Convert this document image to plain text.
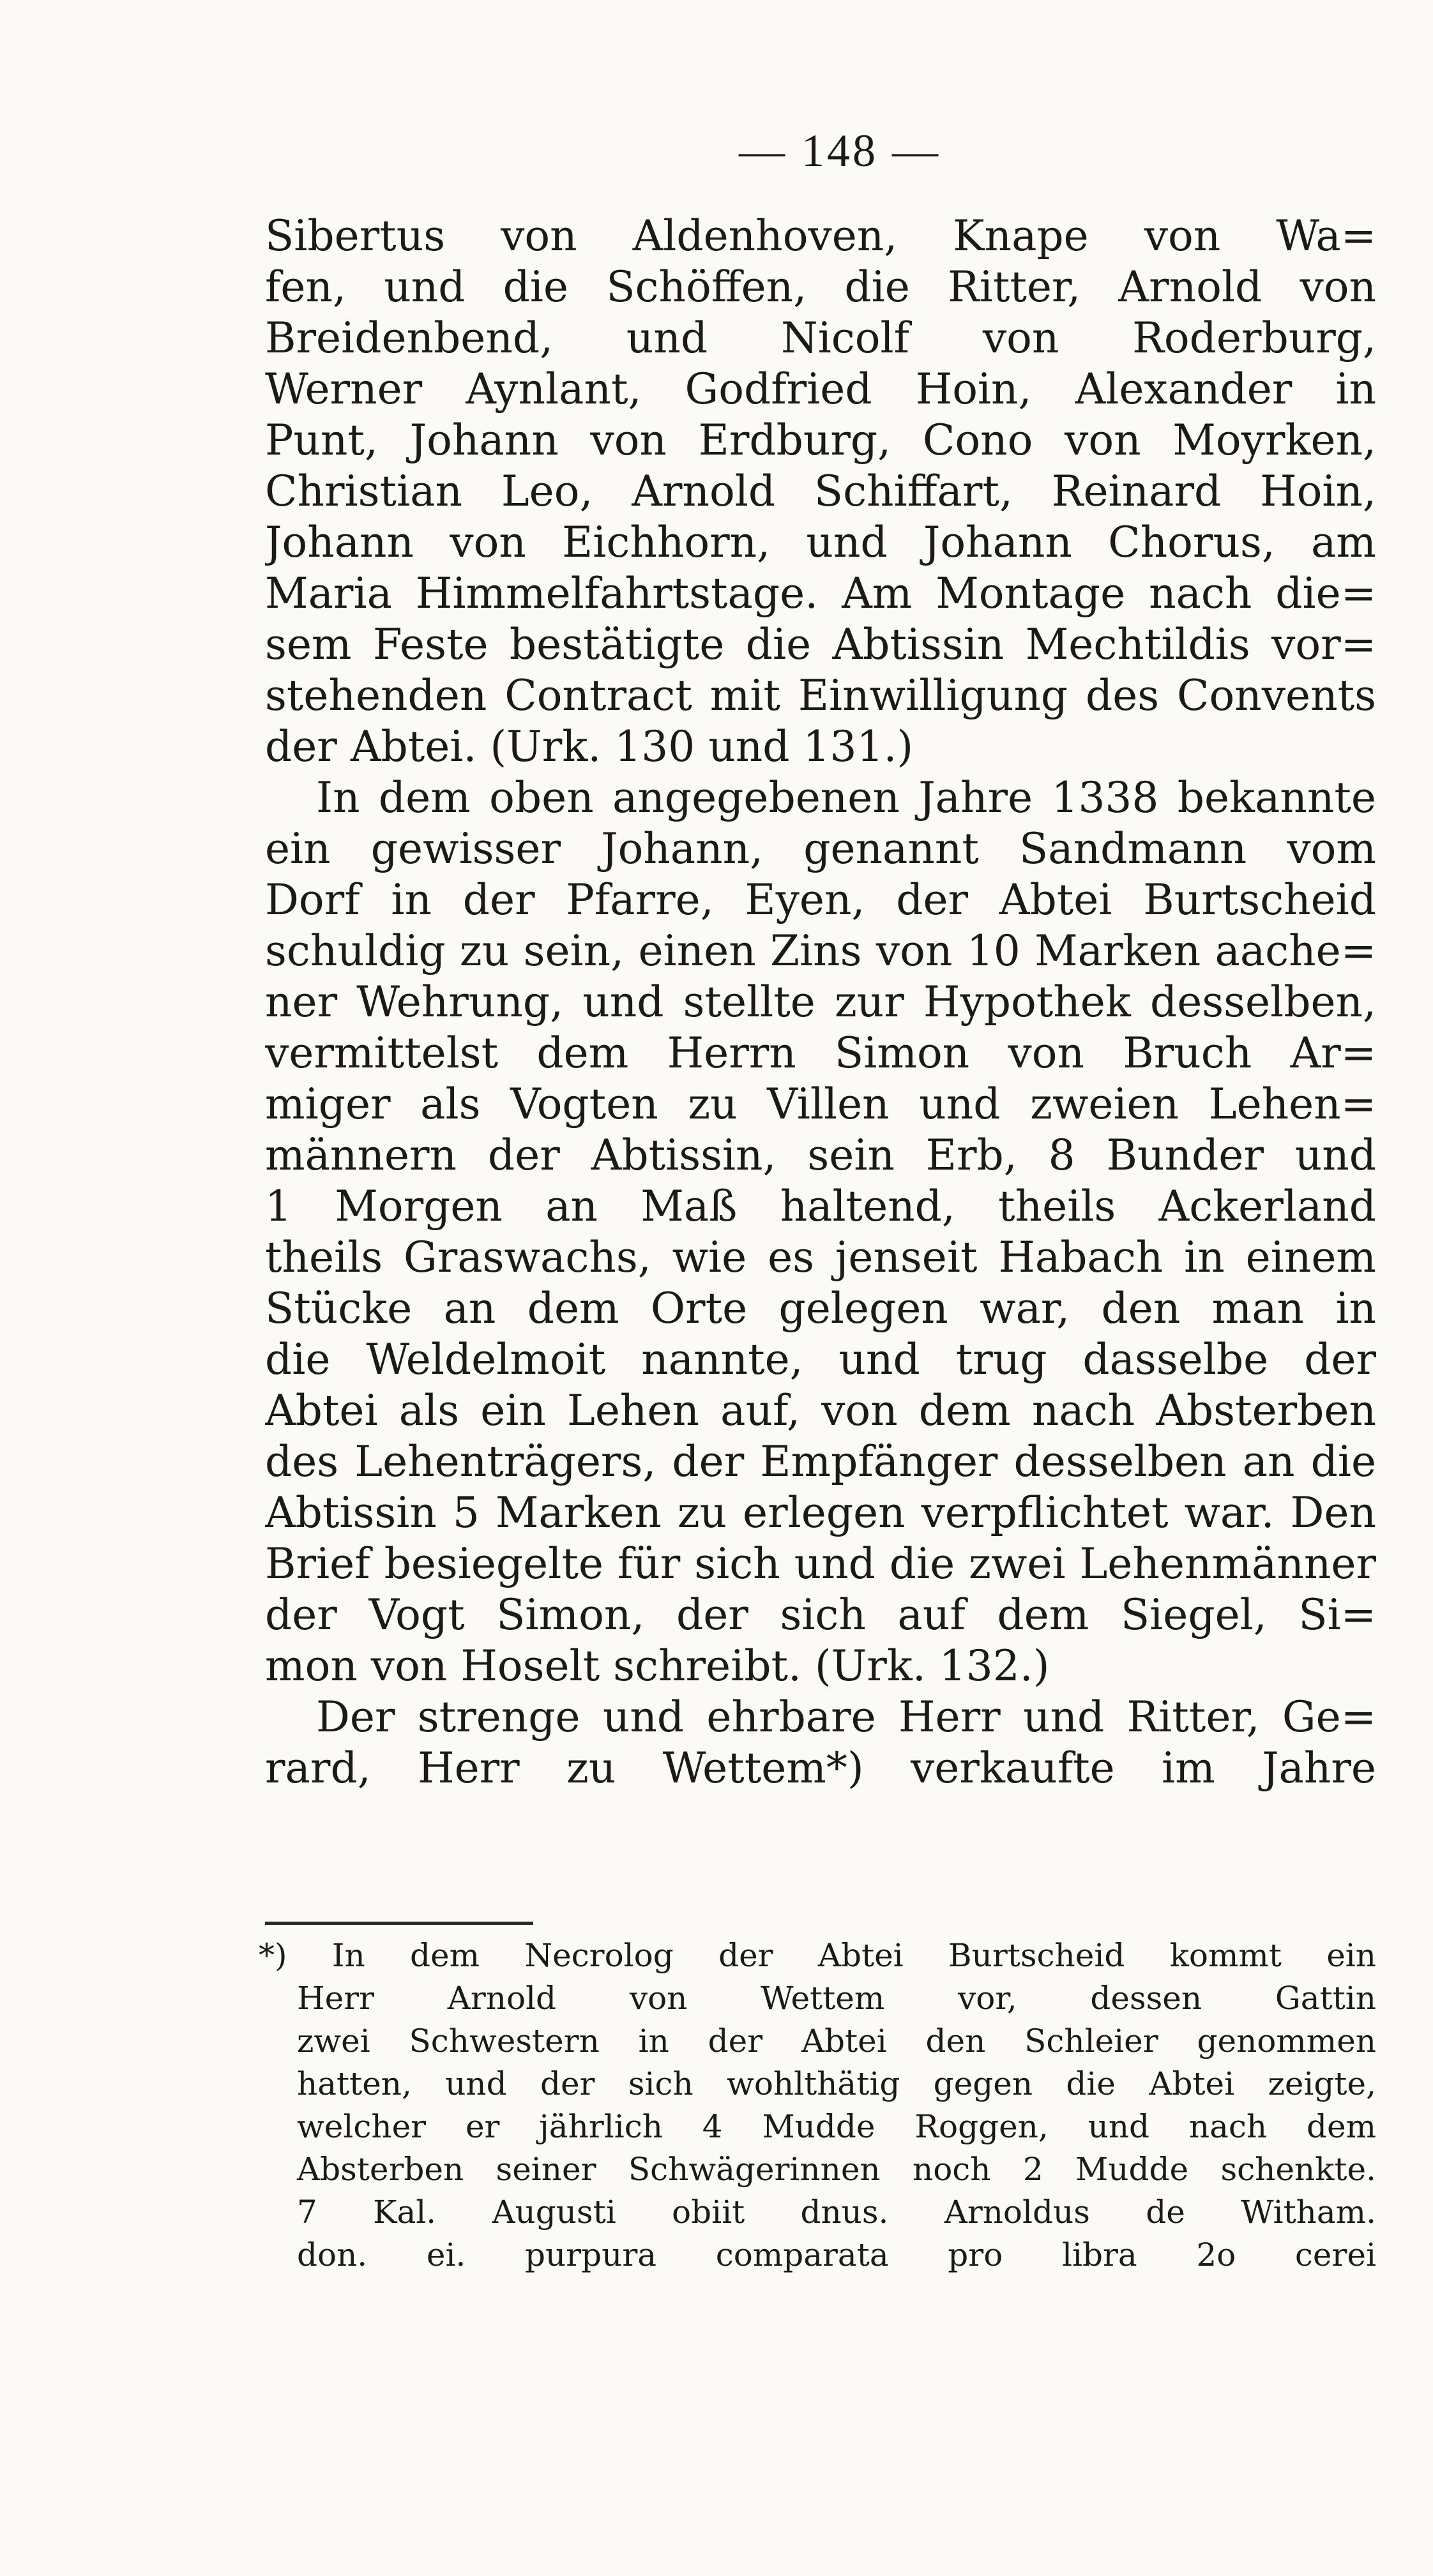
— 148 —
Sibertus von Aldenhoven, Knape von Wa=
fen, und die Schöffen, die Ritter, Arnold von
Breidenbend, und Nicolf von Roderburg,
Werner Aynlant, Godfried Hoin, Alexander in
Punt, Johann von Erdburg, Cono von Moyrken,
Christian Leo, Arnold Schiffart, Reinard Hoin,
Johann von Eichhorn, und Johann Chorus, am
Maria Himmelfahrtstage. Am Montage nach die=
sem Feste bestätigte die Abtissin Mechtildis vor=
stehenden Contract mit Einwilligung des Convents
der Abtei. (Urk. 130 und 131.)
In dem oben angegebenen Jahre 1338 bekannte
ein gewisser Johann, genannt Sandmann vom
Dorf in der Pfarre, Eyen, der Abtei Burtscheid
schuldig zu sein, einen Zins von 10 Marken aache=
ner Wehrung, und stellte zur Hypothek desselben,
vermittelst dem Herrn Simon von Bruch Ar=
miger als Vogten zu Villen und zweien Lehen=
männern der Abtissin, sein Erb, 8 Bunder und
1 Morgen an Maß haltend, theils Ackerland
theils Graswachs, wie es jenseit Habach in einem
Stücke an dem Orte gelegen war, den man in
die Weldelmoit nannte, und trug dasselbe der
Abtei als ein Lehen auf, von dem nach Absterben
des Lehenträgers, der Empfänger desselben an die
Abtissin 5 Marken zu erlegen verpflichtet war. Den
Brief besiegelte für sich und die zwei Lehenmänner
der Vogt Simon, der sich auf dem Siegel, Si=
mon von Hoselt schreibt. (Urk. 132.)
Der strenge und ehrbare Herr und Ritter, Ge=
rard, Herr zu Wettem*) verkaufte im Jahre
*) In dem Necrolog der Abtei Burtscheid kommt ein
Herr Arnold von Wettem vor, dessen Gattin
zwei Schwestern in der Abtei den Schleier genommen
hatten, und der sich wohlthätig gegen die Abtei zeigte,
welcher er jährlich 4 Mudde Roggen, und nach dem
Absterben seiner Schwägerinnen noch 2 Mudde schenkte.
7 Kal. Augusti obiit dnus. Arnoldus de Witham.
don. ei. purpura comparata pro libra 2o cerei
